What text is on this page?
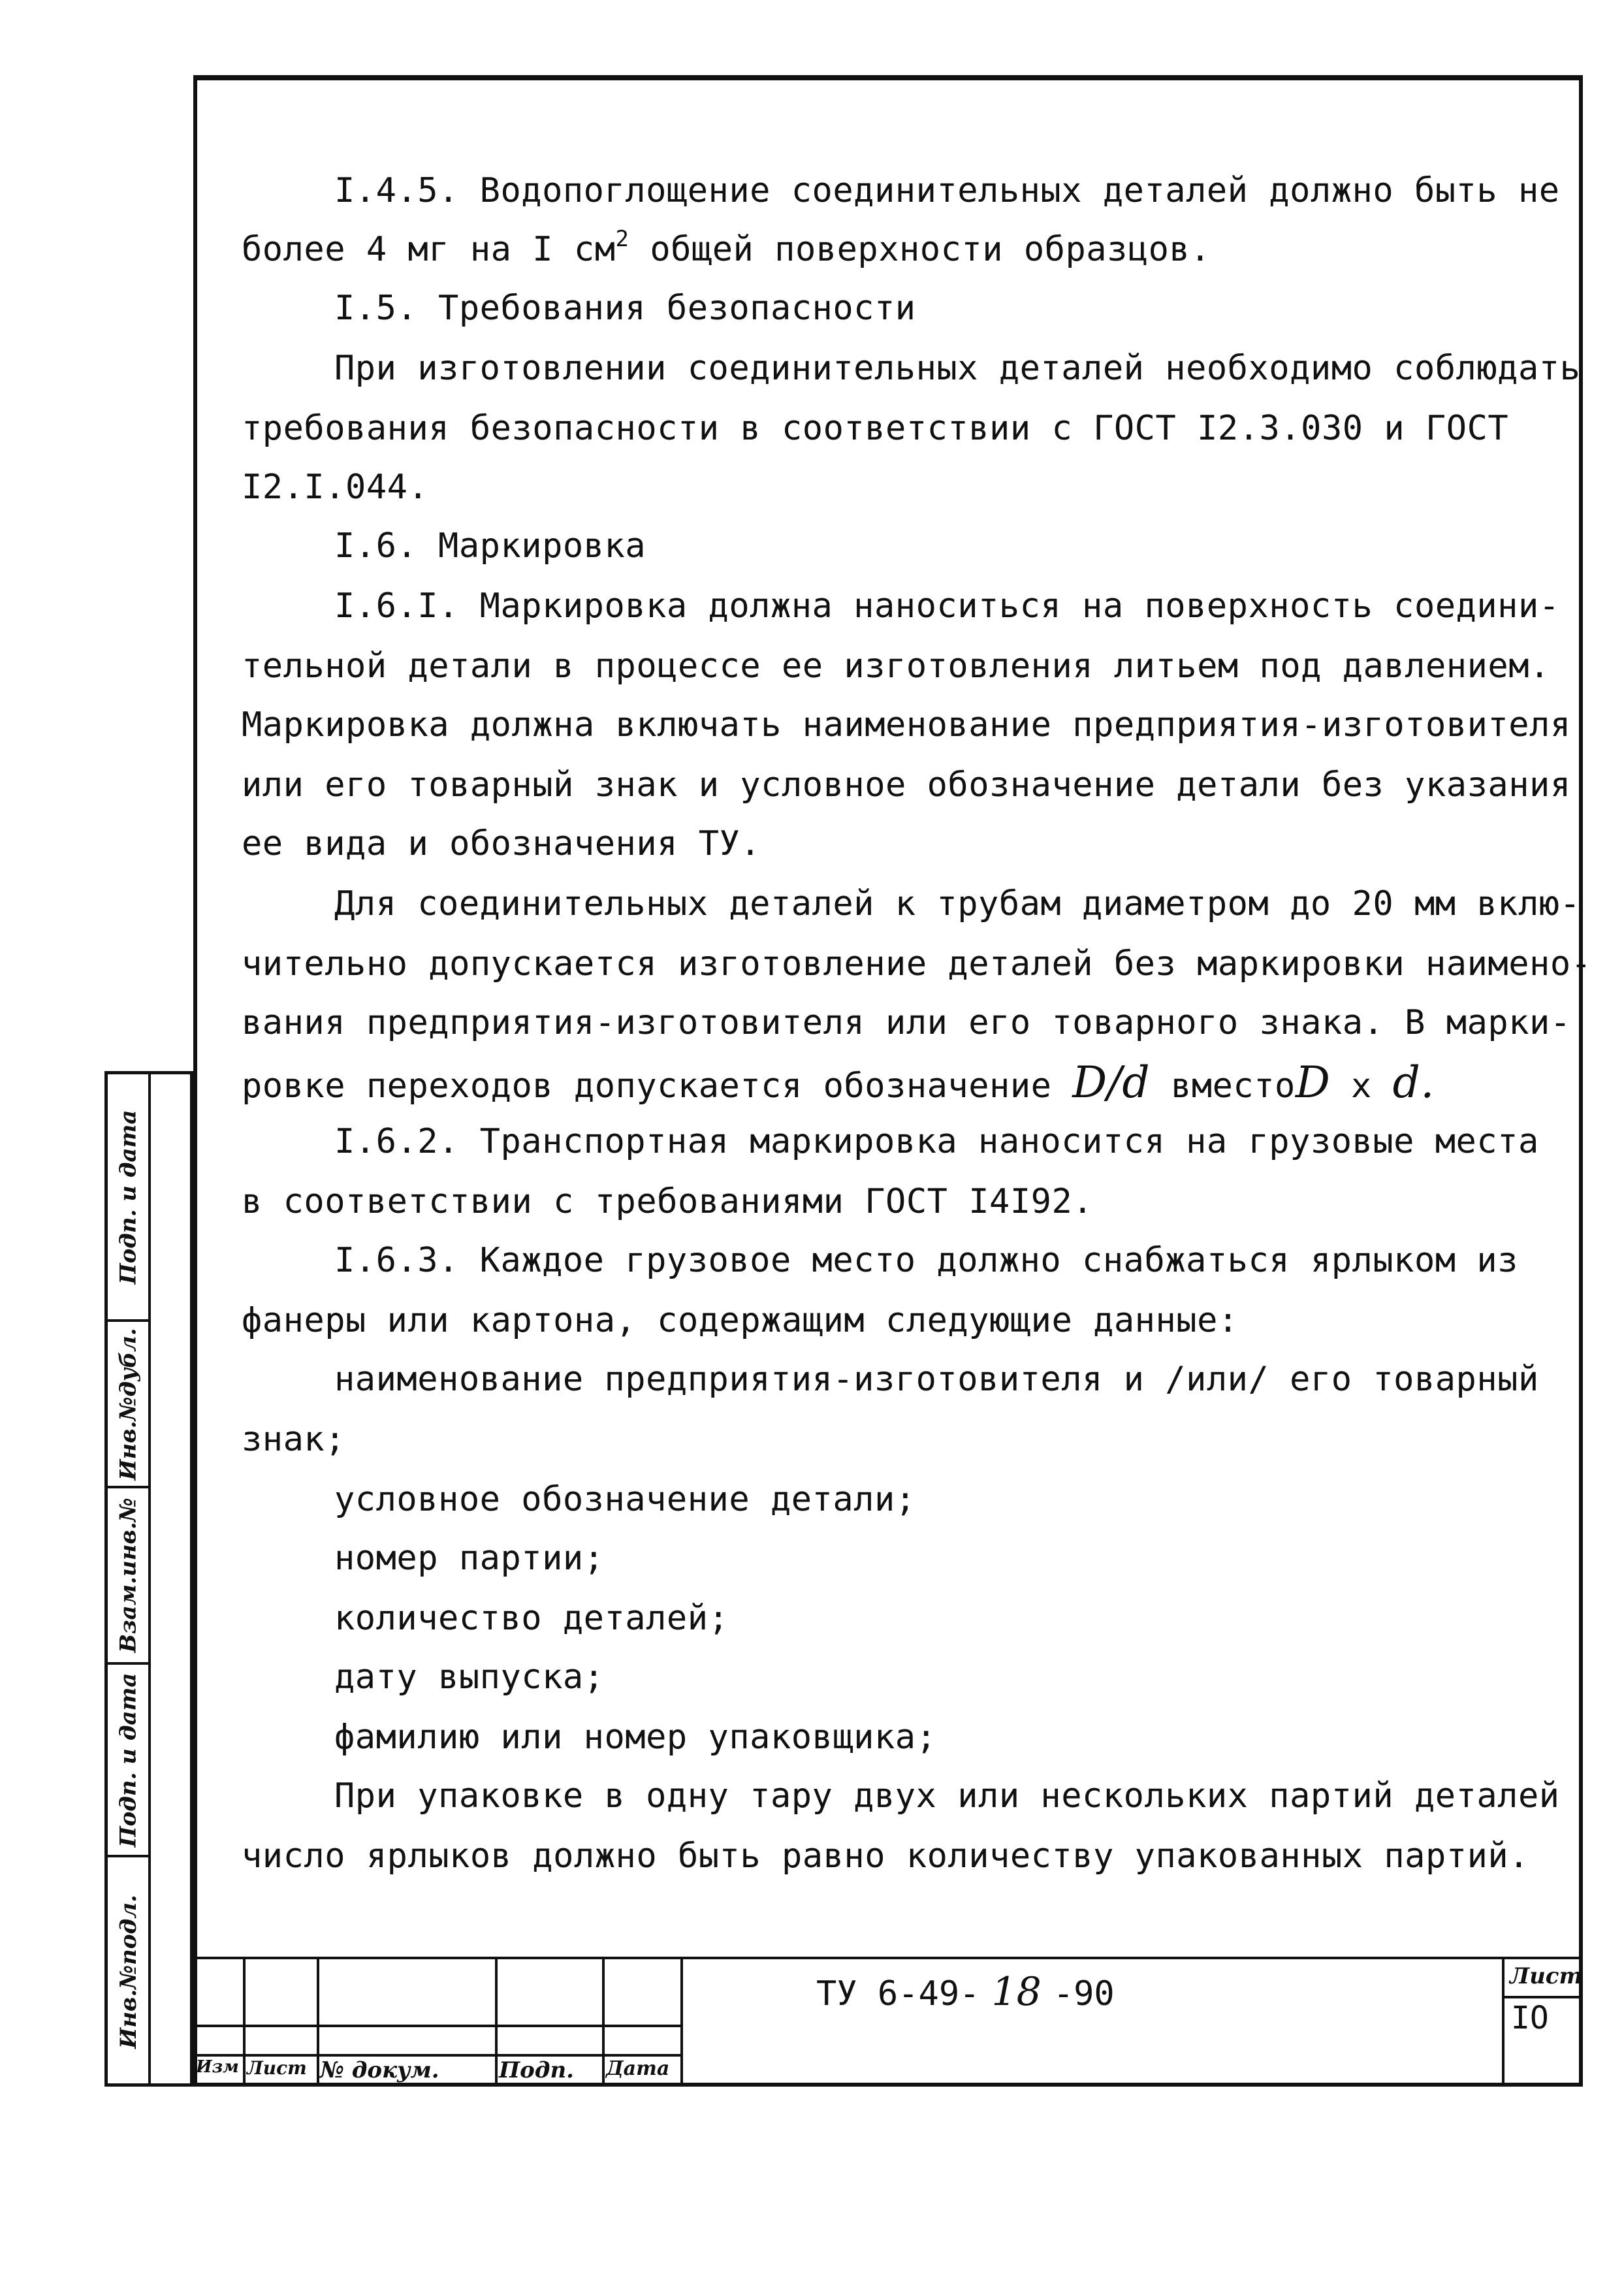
I.4.5. Водопоглощение соединительных деталей должно быть не
более 4 мг на I $см^2$ общей поверхности образцов.
I.5. Требования безопасности
При изготовлении соединительных деталей необходимо соблюдать
требования безопасности в соответствии с ГОСТ I2.3.030 и ГОСТ
I2.I.044.
I.6. Маркировка
I.6.I. Маркировка должна наноситься на поверхность соедини-
тельной детали в процессе ее изготовления литьем под давлением.
Маркировка должна включать наименование предприятия-изготовителя
или его товарный знак и условное обозначение детали без указания
ее вида и обозначения ТУ.
Для соединительных деталей к трубам диаметром до 20 мм вклю-
чительно допускается изготовление деталей без маркировки наимено-
вания предприятия-изготовителя или его товарного знака. В марки-
ровке переходов допускается обозначение D/d вместоD x d.
I.6.2. Транспортная маркировка наносится на грузовые места
в соответствии с требованиями ГОСТ I4I92.
I.6.3. Каждое грузовое место должно снабжаться ярлыком из
фанеры или картона, содержащим следующие данные:
наименование предприятия-изготовителя и /или/ его товарный
знак;
условное обозначение детали;
номер партии;
количество деталей;
дату выпуска;
фамилию или номер упаковщика;
При упаковке в одну тару двух или нескольких партий деталей
число ярлыков должно быть равно количеству упакованных партий.
Подп. и дата
Инв.№дубл.
Взам.инв.№
Подп. и дата
Инв.№подл.
Изм Лист № докум.	Подп. Дата
ТУ 6-49- 18 -90	Лист
IO
